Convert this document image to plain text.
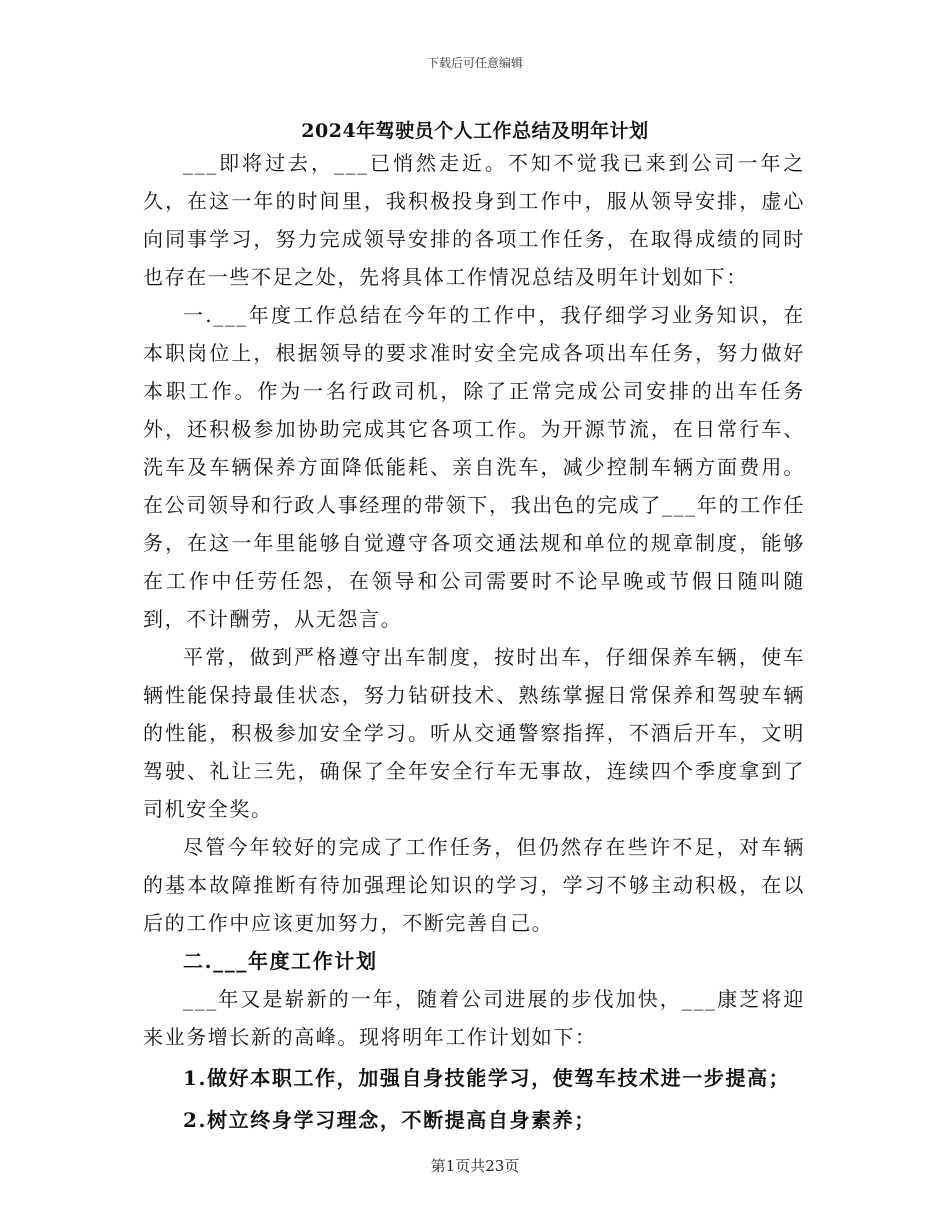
下载后可任意编辑
2024年驾驶员个人工作总结及明年计划

___即将过去，___已悄然走近。不知不觉我已来到公司一年之久，在这一年的时间里，我积极投身到工作中，服从领导安排，虚心向同事学习，努力完成领导安排的各项工作任务，在取得成绩的同时也存在一些不足之处，先将具体工作情况总结及明年计划如下：

一.___年度工作总结在今年的工作中，我仔细学习业务知识，在本职岗位上，根据领导的要求准时安全完成各项出车任务，努力做好本职工作。作为一名行政司机，除了正常完成公司安排的出车任务外，还积极参加协助完成其它各项工作。为开源节流，在日常行车、洗车及车辆保养方面降低能耗、亲自洗车，减少控制车辆方面费用。在公司领导和行政人事经理的带领下，我出色的完成了___年的工作任务，在这一年里能够自觉遵守各项交通法规和单位的规章制度，能够在工作中任劳任怨，在领导和公司需要时不论早晚或节假日随叫随到，不计酬劳，从无怨言。

平常，做到严格遵守出车制度，按时出车，仔细保养车辆，使车辆性能保持最佳状态，努力钻研技术、熟练掌握日常保养和驾驶车辆的性能，积极参加安全学习。听从交通警察指挥，不酒后开车，文明驾驶、礼让三先，确保了全年安全行车无事故，连续四个季度拿到了司机安全奖。

尽管今年较好的完成了工作任务，但仍然存在些许不足，对车辆的基本故障推断有待加强理论知识的学习，学习不够主动积极，在以后的工作中应该更加努力，不断完善自己。

二.___年度工作计划

___年又是崭新的一年，随着公司进展的步伐加快，___康芝将迎来业务增长新的高峰。现将明年工作计划如下：

1.做好本职工作，加强自身技能学习，使驾车技术进一步提高；

2.树立终身学习理念，不断提高自身素养；

第1页共23页
